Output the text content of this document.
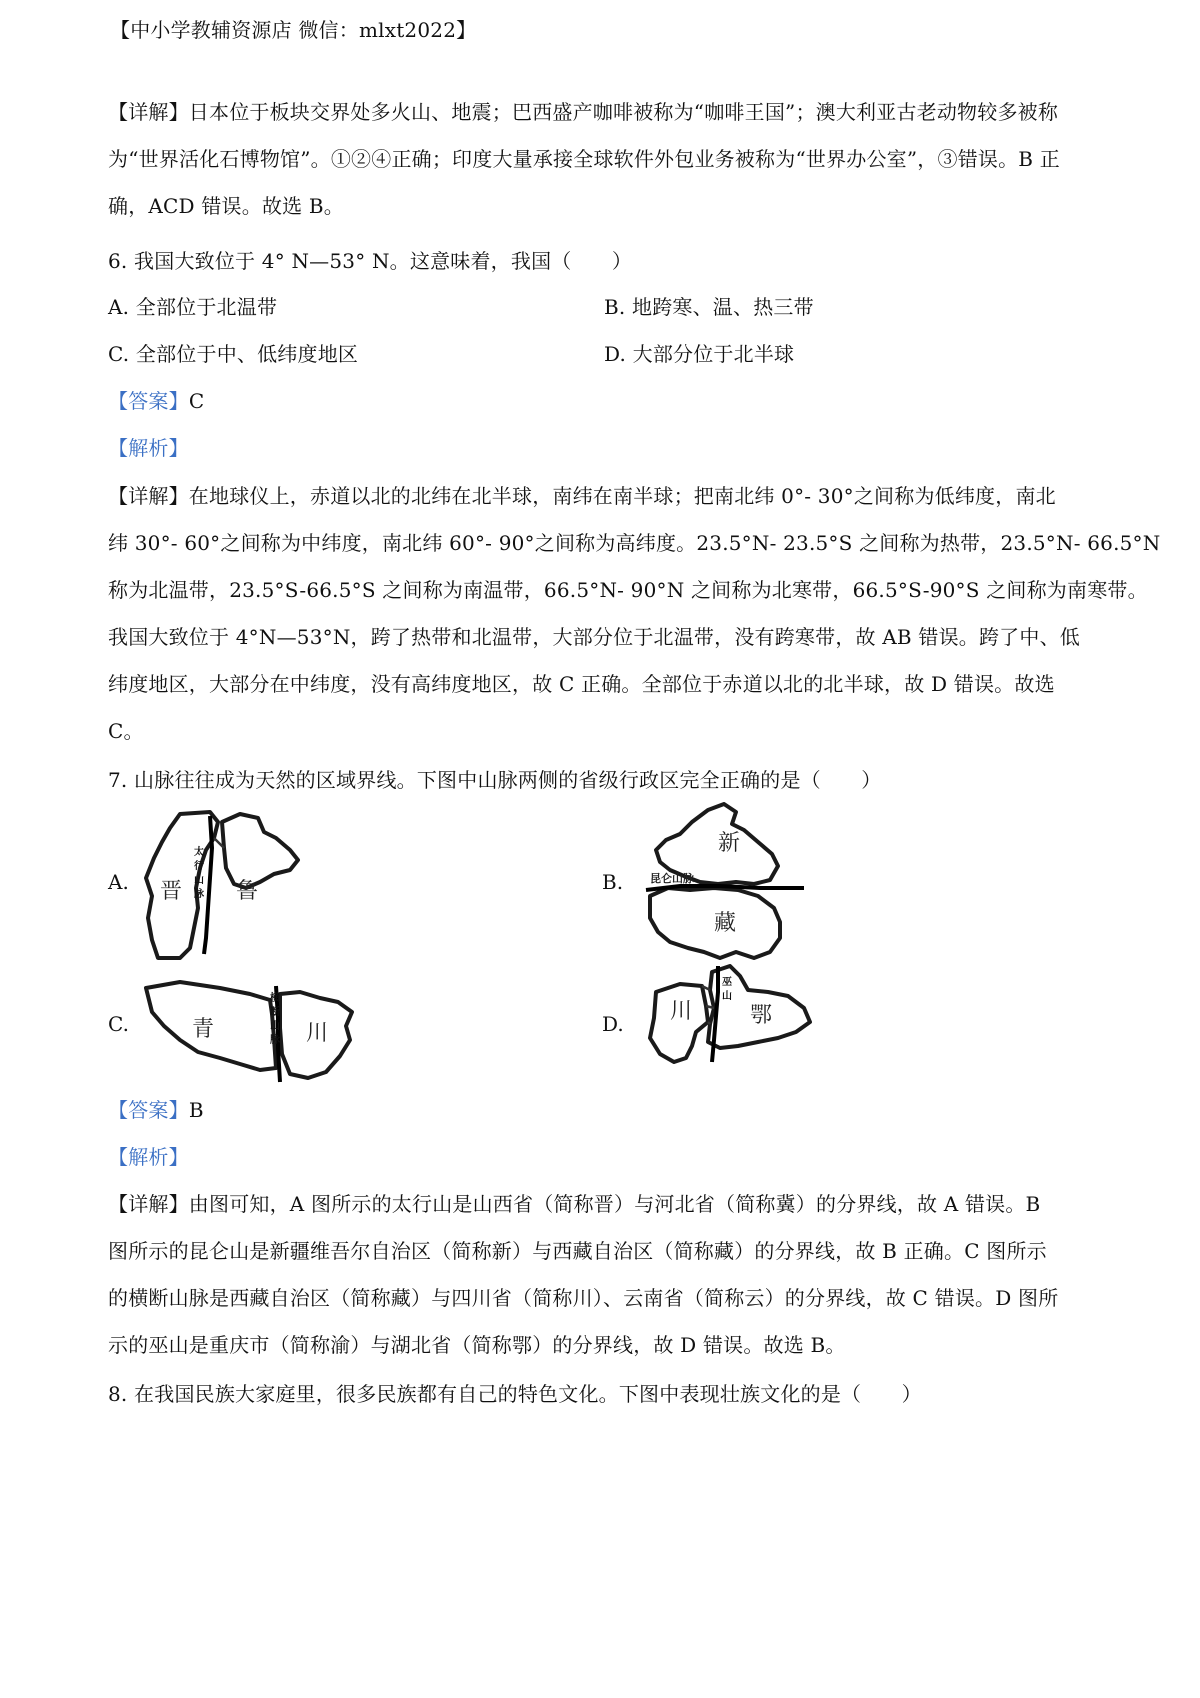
【中小学教辅资源店 微信：mlxt2022】
【详解】日本位于板块交界处多火山、地震；巴西盛产咖啡被称为“咖啡王国”；澳大利亚古老动物较多被称
为“世界活化石博物馆”。①②④正确；印度大量承接全球软件外包业务被称为“世界办公室”，③错误。B 正
确，ACD 错误。故选 B。
6. 我国大致位于 4° N—53° N。这意味着，我国（　　）
A. 全部位于北温带	B. 地跨寒、温、热三带
C. 全部位于中、低纬度地区	D. 大部分位于北半球
【答案】C
【解析】
【详解】在地球仪上，赤道以北的北纬在北半球，南纬在南半球；把南北纬 0°- 30°之间称为低纬度，南北
纬 30°- 60°之间称为中纬度，南北纬 60°- 90°之间称为高纬度。23.5°N- 23.5°S 之间称为热带，23.5°N- 66.5°N
称为北温带，23.5°S-66.5°S 之间称为南温带，66.5°N- 90°N 之间称为北寒带，66.5°S-90°S 之间称为南寒带。
我国大致位于 4°N—53°N，跨了热带和北温带，大部分位于北温带，没有跨寒带，故 AB 错误。跨了中、低
纬度地区，大部分在中纬度，没有高纬度地区，故 C 正确。全部位于赤道以北的北半球，故 D 错误。故选
C。
7. 山脉往往成为天然的区域界线。下图中山脉两侧的省级行政区完全正确的是（　　）
A.	B.
C.	D.
晋 鲁
新
藏
昆仑山脉
青	川
川	鄂
太行山脉
横断山脉
巫山
【答案】B
【解析】
【详解】由图可知，A 图所示的太行山是山西省（简称晋）与河北省（简称冀）的分界线，故 A 错误。B
图所示的昆仑山是新疆维吾尔自治区（简称新）与西藏自治区（简称藏）的分界线，故 B 正确。C 图所示
的横断山脉是西藏自治区（简称藏）与四川省（简称川）、云南省（简称云）的分界线，故 C 错误。D 图所
示的巫山是重庆市（简称渝）与湖北省（简称鄂）的分界线，故 D 错误。故选 B。
8. 在我国民族大家庭里，很多民族都有自己的特色文化。下图中表现壮族文化的是（　　）
